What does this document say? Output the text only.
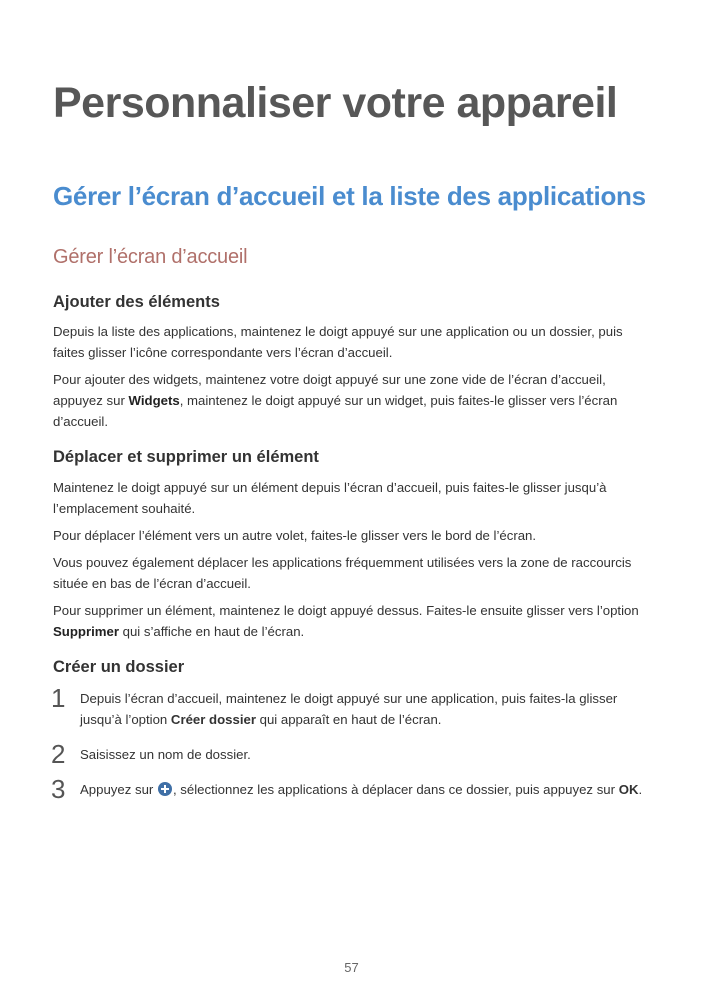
Personnaliser votre appareil
Gérer l’écran d’accueil et la liste des applications
Gérer l’écran d’accueil
Ajouter des éléments

Depuis la liste des applications, maintenez le doigt appuyé sur une application ou un dossier, puis faites glisser l’icône correspondante vers l’écran d’accueil.

Pour ajouter des widgets, maintenez votre doigt appuyé sur une zone vide de l’écran d’accueil, appuyez sur Widgets, maintenez le doigt appuyé sur un widget, puis faites-le glisser vers l’écran d’accueil.

Déplacer et supprimer un élément

Maintenez le doigt appuyé sur un élément depuis l’écran d’accueil, puis faites-le glisser jusqu’à l’emplacement souhaité.

Pour déplacer l’élément vers un autre volet, faites-le glisser vers le bord de l’écran.

Vous pouvez également déplacer les applications fréquemment utilisées vers la zone de raccourcis située en bas de l’écran d’accueil.

Pour supprimer un élément, maintenez le doigt appuyé dessus. Faites-le ensuite glisser vers l’option Supprimer qui s’affiche en haut de l’écran.

Créer un dossier
1 Depuis l’écran d’accueil, maintenez le doigt appuyé sur une application, puis faites-la glisser jusqu’à l’option Créer dossier qui apparaît en haut de l’écran.

2 Saisissez un nom de dossier.

3 Appuyez sur , sélectionnez les applications à déplacer dans ce dossier, puis appuyez sur OK.

57
